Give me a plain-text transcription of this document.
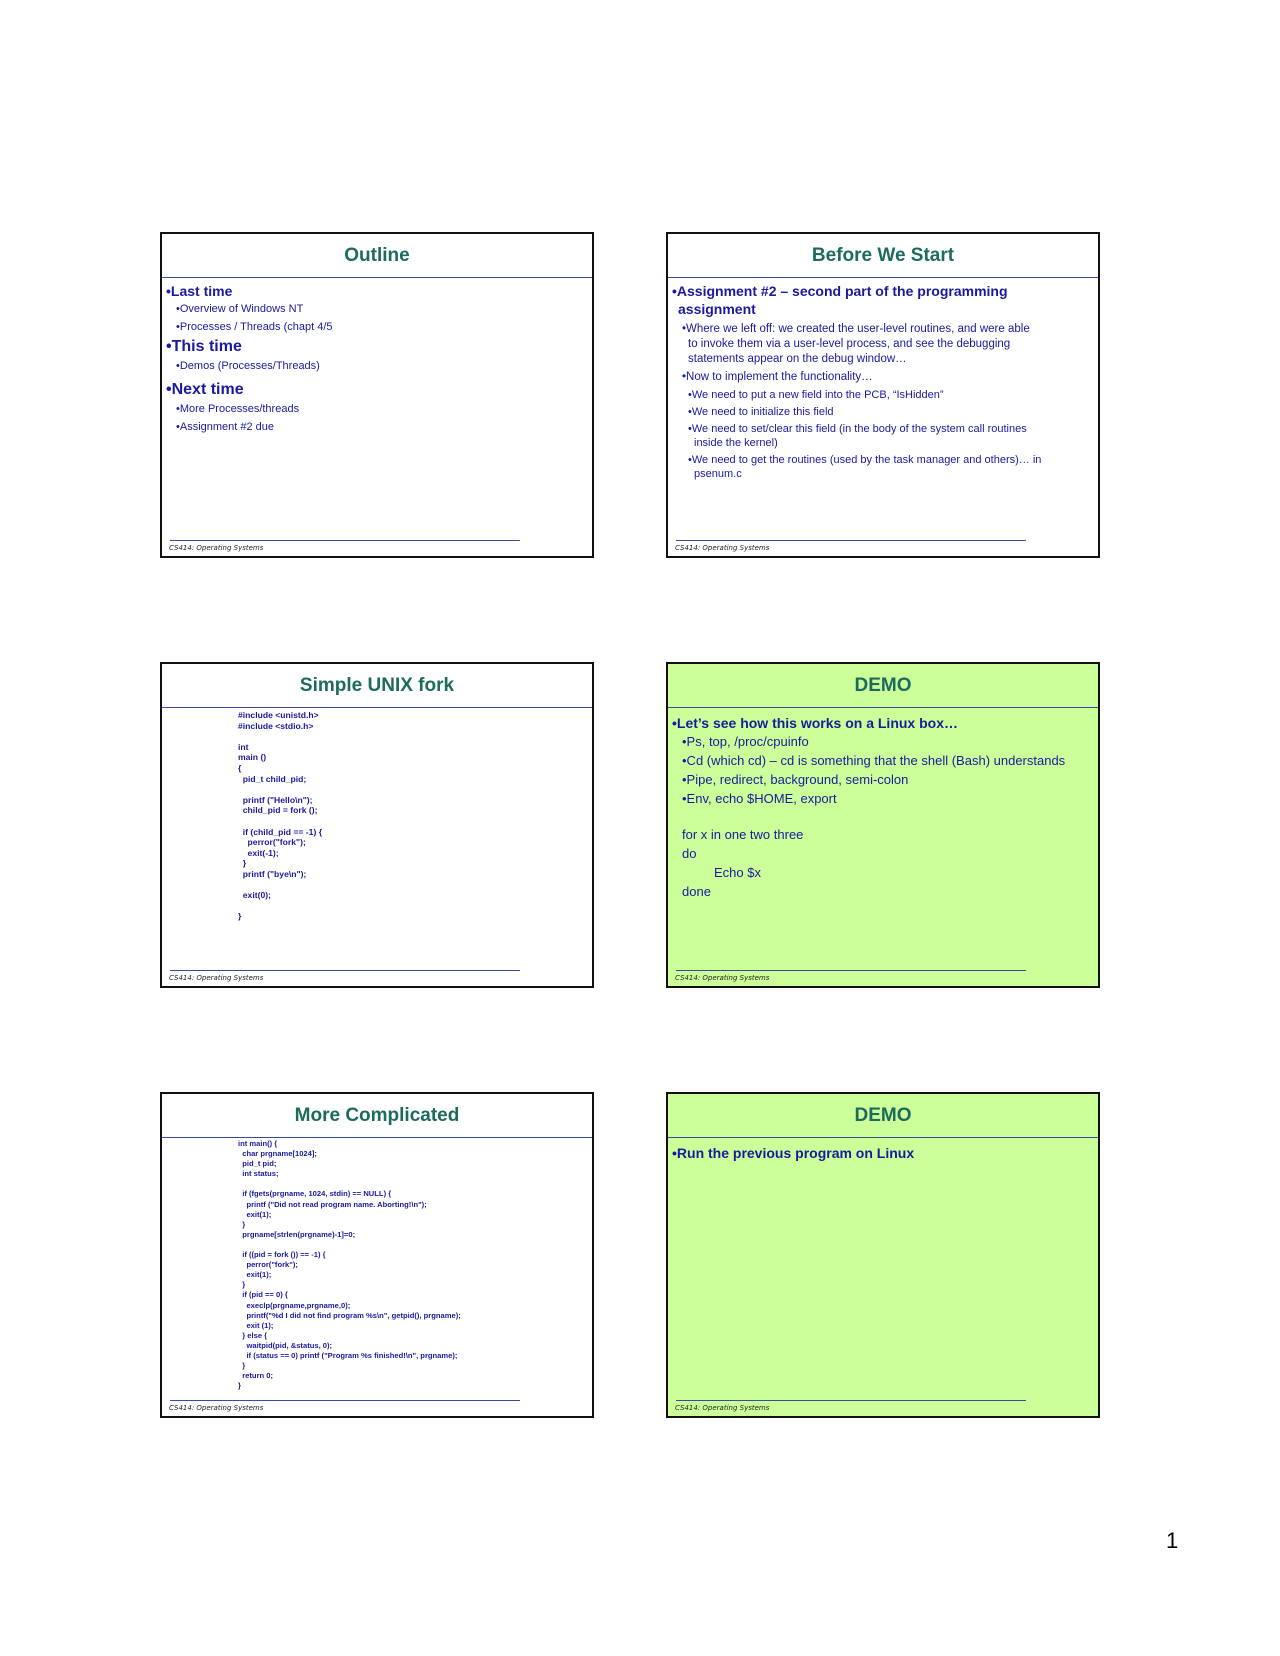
Outline
•Last time
•Overview of Windows NT
•Processes / Threads (chapt 4/5
•This time
•Demos (Processes/Threads)
•Next time
•More Processes/threads
•Assignment #2 due
CS414: Operating Systems
Before We Start
•Assignment #2 – second part of the programming
assignment
•Where we left off: we created the user-level routines, and were able
to invoke them via a user-level process, and see the debugging
statements appear on the debug window…
•Now to implement the functionality…
•We need to put a new field into the PCB, “IsHidden”
•We need to initialize this field
•We need to set/clear this field (in the body of the system call routines
inside the kernel)
•We need to get the routines (used by the task manager and others)… in
psenum.c
CS414: Operating Systems
Simple UNIX fork
#include <unistd.h>
#include <stdio.h>

int
main ()
{
pid_t child_pid;

printf ("Hello\n");
child_pid = fork ();

if (child_pid == -1) {
perror("fork");
exit(-1);
}
printf ("bye\n");

exit(0);

}
CS414: Operating Systems
DEMO
•Let’s see how this works on a Linux box…
•Ps, top, /proc/cpuinfo
•Cd (which cd) – cd is something that the shell (Bash) understands
•Pipe, redirect, background, semi-colon
•Env, echo $HOME, export
for x in one two three
do
Echo $x
done
CS414: Operating Systems
More Complicated
int main() {
char prgname[1024];
pid_t pid;
int status;

if (fgets(prgname, 1024, stdin) == NULL) {
printf ("Did not read program name. Aborting!\n");
exit(1);
}
prgname[strlen(prgname)-1]=0;

if ((pid = fork ()) == -1) {
perror("fork");
exit(1);
}
if (pid == 0) {
execlp(prgname,prgname,0);
printf("%d I did not find program %s\n", getpid(), prgname);
exit (1);
} else {
waitpid(pid, &status, 0);
if (status == 0) printf ("Program %s finished!\n", prgname);
}
return 0;
}
CS414: Operating Systems
DEMO
•Run the previous program on Linux
CS414: Operating Systems
1
